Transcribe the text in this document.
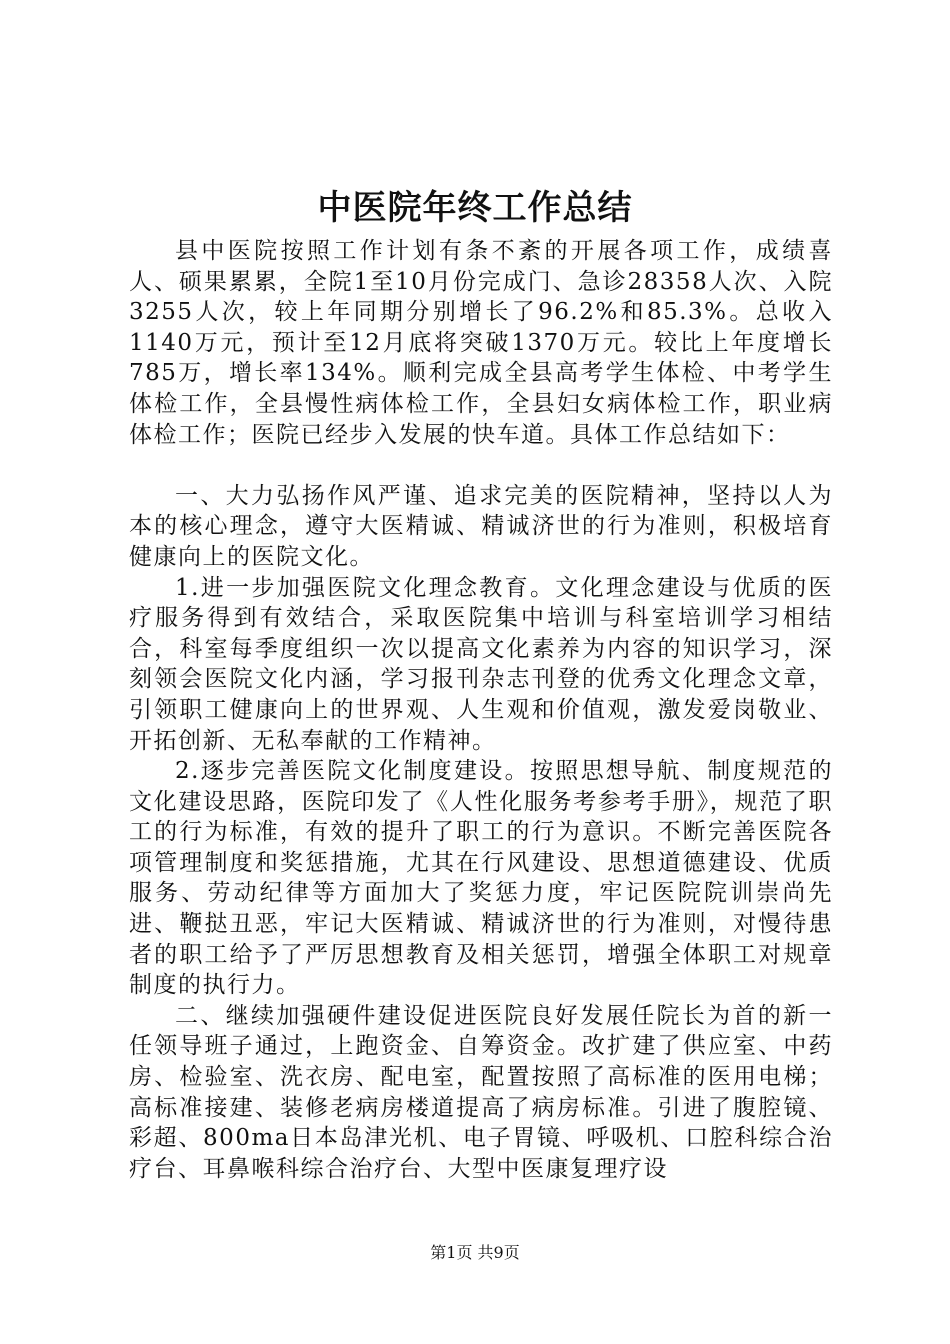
中医院年终工作总结

县中医院按照工作计划有条不紊的开展各项工作，成绩喜人、硕果累累，全院1至10月份完成门、急诊28358人次、入院3255人次，较上年同期分别增长了96.2%和85.3%。总收入1140万元，预计至12月底将突破1370万元。较比上年度增长785万，增长率134%。顺利完成全县高考学生体检、中考学生体检工作，全县慢性病体检工作，全县妇女病体检工作，职业病体检工作；医院已经步入发展的快车道。具体工作总结如下：

一、大力弘扬作风严谨、追求完美的医院精神，坚持以人为本的核心理念，遵守大医精诚、精诚济世的行为准则，积极培育健康向上的医院文化。

1.进一步加强医院文化理念教育。文化理念建设与优质的医疗服务得到有效结合，采取医院集中培训与科室培训学习相结合，科室每季度组织一次以提高文化素养为内容的知识学习，深刻领会医院文化内涵，学习报刊杂志刊登的优秀文化理念文章，引领职工健康向上的世界观、人生观和价值观，激发爱岗敬业、开拓创新、无私奉献的工作精神。

2.逐步完善医院文化制度建设。按照思想导航、制度规范的文化建设思路，医院印发了《人性化服务考参考手册》，规范了职工的行为标准，有效的提升了职工的行为意识。不断完善医院各项管理制度和奖惩措施，尤其在行风建设、思想道德建设、优质服务、劳动纪律等方面加大了奖惩力度，牢记医院院训崇尚先进、鞭挞丑恶，牢记大医精诚、精诚济世的行为准则，对慢待患者的职工给予了严厉思想教育及相关惩罚，增强全体职工对规章制度的执行力。

二、继续加强硬件建设促进医院良好发展任院长为首的新一任领导班子通过，上跑资金、自筹资金。改扩建了供应室、中药房、检验室、洗衣房、配电室，配置按照了高标准的医用电梯；高标准接建、装修老病房楼道提高了病房标准。引进了腹腔镜、彩超、800ma日本岛津光机、电子胃镜、呼吸机、口腔科综合治疗台、耳鼻喉科综合治疗台、大型中医康复理疗设

第1页 共9页
